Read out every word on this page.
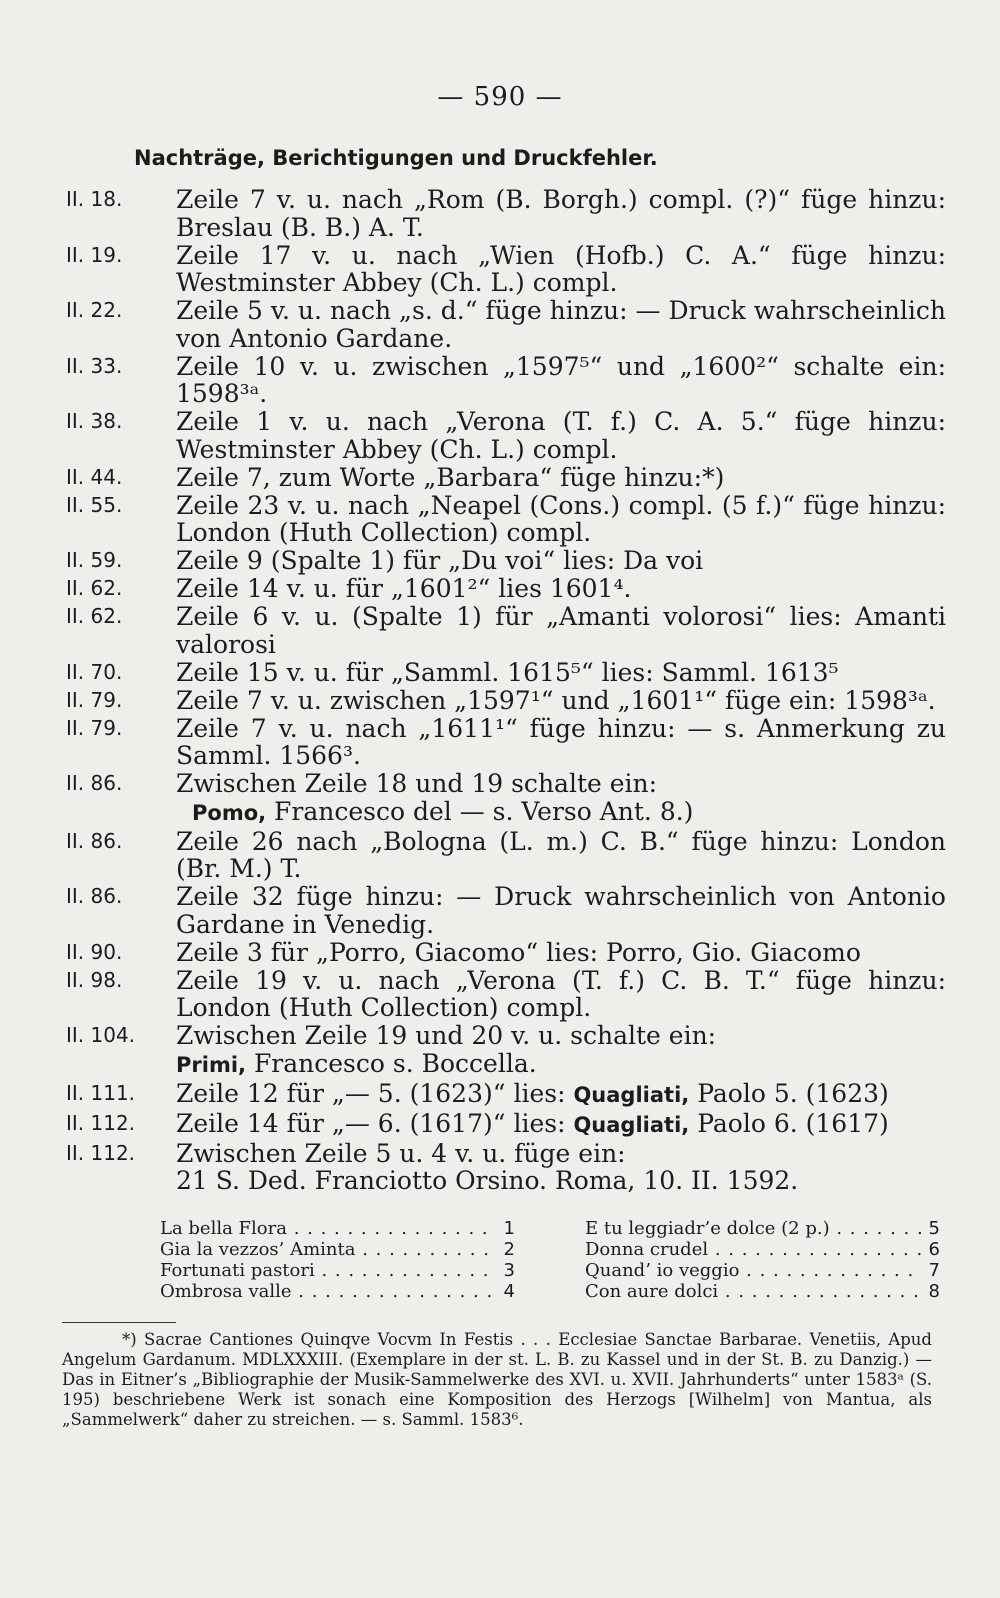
— 590 —
Nachträge, Berichtigungen und Druckfehler.
II. 18.	Zeile 7 v. u. nach „Rom (B. Borgh.) compl. (?)“ füge hinzu: Breslau (B. B.) A. T.
II. 19.	Zeile 17 v. u. nach „Wien (Hofb.) C. A.“ füge hinzu: Westminster Abbey (Ch. L.) compl.
II. 22.	Zeile 5 v. u. nach „s. d.“ füge hinzu: — Druck wahrscheinlich von Antonio Gardane.
II. 33.	Zeile 10 v. u. zwischen „1597⁵“ und „1600²“ schalte ein: 1598³ᵃ.
II. 38.	Zeile 1 v. u. nach „Verona (T. f.) C. A. 5.“ füge hinzu: Westminster Abbey (Ch. L.) compl.
II. 44.	Zeile 7, zum Worte „Barbara“ füge hinzu:*)
II. 55.	Zeile 23 v. u. nach „Neapel (Cons.) compl. (5 f.)“ füge hinzu: London (Huth Collection) compl.
II. 59.	Zeile 9 (Spalte 1) für „Du voi“ lies: Da voi
II. 62.	Zeile 14 v. u. für „1601²“ lies 1601⁴.
II. 62.	Zeile 6 v. u. (Spalte 1) für „Amanti volorosi“ lies: Amanti valorosi
II. 70.	Zeile 15 v. u. für „Samml. 1615⁵“ lies: Samml. 1613⁵
II. 79.	Zeile 7 v. u. zwischen „1597¹“ und „1601¹“ füge ein: 1598³ᵃ.
II. 79.	Zeile 7 v. u. nach „1611¹“ füge hinzu: — s. Anmerkung zu Samml. 1566³.
II. 86.	Zwischen Zeile 18 und 19 schalte ein:
Pomo, Francesco del — s. Verso Ant. 8.)
II. 86.	Zeile 26 nach „Bologna (L. m.) C. B.“ füge hinzu: London (Br. M.) T.
II. 86.	Zeile 32 füge hinzu: — Druck wahrscheinlich von Antonio Gardane in Venedig.
II. 90.	Zeile 3 für „Porro, Giacomo“ lies: Porro, Gio. Giacomo
II. 98.	Zeile 19 v. u. nach „Verona (T. f.) C. B. T.“ füge hinzu: London (Huth Collection) compl.
II. 104.	Zwischen Zeile 19 und 20 v. u. schalte ein:
Primi, Francesco s. Boccella.
II. 111.	Zeile 12 für „— 5. (1623)“ lies: Quagliati, Paolo 5. (1623)
II. 112.	Zeile 14 für „— 6. (1617)“ lies: Quagliati, Paolo 6. (1617)
II. 112.	Zwischen Zeile 5 u. 4 v. u. füge ein:
21 S. Ded. Franciotto Orsino. Roma, 10. II. 1592.
La bella Flora . . .	1
Gia la vezzos’ Aminta . . .	2
Fortunati pastori . . .	3
Ombrosa valle . . .	4
E tu leggiadr’e dolce (2 p.) . . .	5
Donna crudel . . .	6
Quand’ io veggio . . .	7
Con aure dolci . . .	8
*) Sacrae Cantiones Quinqve Vocvm In Festis . . . Ecclesiae Sanctae Barbarae. Venetiis, Apud Angelum Gardanum. MDLXXXIII. (Exemplare in der st. L. B. zu Kassel und in der St. B. zu Danzig.) — Das in Eitner’s „Bibliographie der Musik-Sammelwerke des XVI. u. XVII. Jahrhunderts“ unter 1583ᵃ (S. 195) beschriebene Werk ist sonach eine Komposition des Herzogs [Wilhelm] von Mantua, als „Sammelwerk“ daher zu streichen. — s. Samml. 1583⁶.
